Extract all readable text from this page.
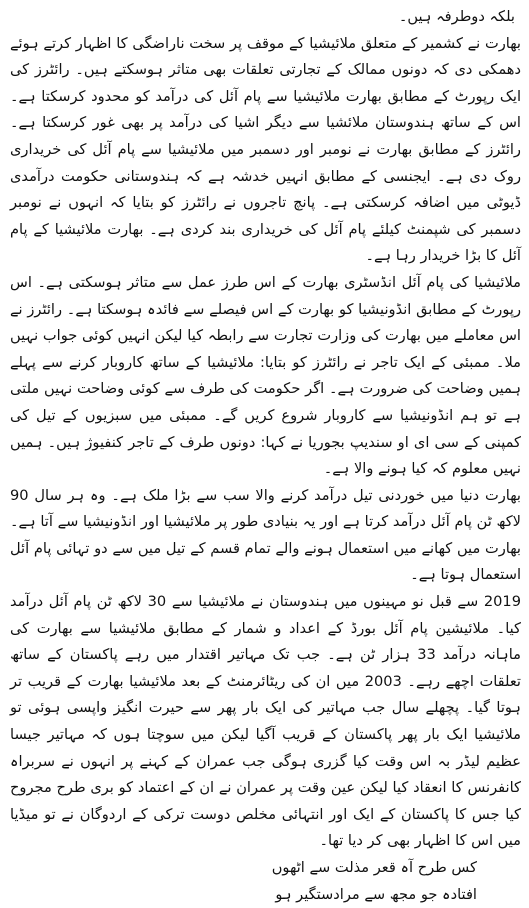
بلکہ دوطرفہ ہیں۔

بھارت نے کشمیر کے متعلق ملائیشیا کے موقف پر سخت ناراضگی کا اظہار کرتے ہوئے دھمکی دی کہ دونوں ممالک کے تجارتی تعلقات بھی متاثر ہوسکتے ہیں۔ رائٹرز کی ایک رپورٹ کے مطابق بھارت ملائیشیا سے پام آئل کی درآمد کو محدود کرسکتا ہے۔ اس کے ساتھ ہندوستان ملائشیا سے دیگر اشیا کی درآمد پر بھی غور کرسکتا ہے۔ رائٹرز کے مطابق بھارت نے نومبر اور دسمبر میں ملائیشیا سے پام آئل کی خریداری روک دی ہے۔ ایجنسی کے مطابق انہیں خدشہ ہے کہ ہندوستانی حکومت درآمدی ڈیوٹی میں اضافہ کرسکتی ہے۔ پانچ تاجروں نے رائٹرز کو بتایا کہ انہوں نے نومبر دسمبر کی شپمنٹ کیلئے پام آئل کی خریداری بند کردی ہے۔ بھارت ملائیشیا کے پام آئل کا بڑا خریدار رہا ہے۔

ملائیشیا کی پام آئل انڈسٹری بھارت کے اس طرز عمل سے متاثر ہوسکتی ہے۔ اس رپورٹ کے مطابق انڈونیشیا کو بھارت کے اس فیصلے سے فائدہ ہوسکتا ہے۔ رائٹرز نے اس معاملے میں بھارت کی وزارت تجارت سے رابطہ کیا لیکن انہیں کوئی جواب نہیں ملا۔ ممبئی کے ایک تاجر نے رائٹرز کو بتایا: ملائیشیا کے ساتھ کاروبار کرنے سے پہلے ہمیں وضاحت کی ضرورت ہے۔ اگر حکومت کی طرف سے کوئی وضاحت نہیں ملتی ہے تو ہم انڈونیشیا سے کاروبار شروع کریں گے۔ ممبئی میں سبزیوں کے تیل کی کمپنی کے سی ای او سندیپ بجوریا نے کہا: دونوں طرف کے تاجر کنفیوژ ہیں۔ ہمیں نہیں معلوم کہ کیا ہونے والا ہے۔

بھارت دنیا میں خوردنی تیل درآمد کرنے والا سب سے بڑا ملک ہے۔ وہ ہر سال 90 لاکھ ٹن پام آئل درآمد کرتا ہے اور یہ بنیادی طور پر ملائیشیا اور انڈونیشیا سے آتا ہے۔ بھارت میں کھانے میں استعمال ہونے والے تمام قسم کے تیل میں سے دو تہائی پام آئل استعمال ہوتا ہے۔

2019 سے قبل نو مہینوں میں ہندوستان نے ملائیشیا سے 30 لاکھ ٹن پام آئل درآمد کیا۔ ملائیشین پام آئل بورڈ کے اعداد و شمار کے مطابق ملائیشیا سے بھارت کی ماہانہ درآمد 33 ہزار ٹن ہے۔ جب تک مہاتیر اقتدار میں رہے پاکستان کے ساتھ تعلقات اچھے رہے۔ 2003 میں ان کی ریٹائرمنٹ کے بعد ملائیشیا بھارت کے قریب تر ہوتا گیا۔ پچھلے سال جب مہاتیر کی ایک بار پھر سے حیرت انگیز واپسی ہوئی تو ملائیشیا ایک بار پھر پاکستان کے قریب آگیا لیکن میں سوچتا ہوں کہ مہاتیر جیسا عظیم لیڈر بہ اس وقت کیا گزری ہوگی جب عمران کے کہنے پر انہوں نے سربراہ کانفرنس کا انعقاد کیا لیکن عین وقت پر عمران نے ان کے اعتماد کو بری طرح مجروح کیا جس کا پاکستان کے ایک اور انتہائی مخلص دوست ترکی کے اردوگان نے تو میڈیا میں اس کا اظہار بھی کر دیا تھا۔

کس طرح آہ قعر مذلت سے اٹھوں

افتادہ جو مجھ سے مرادستگیر ہو
